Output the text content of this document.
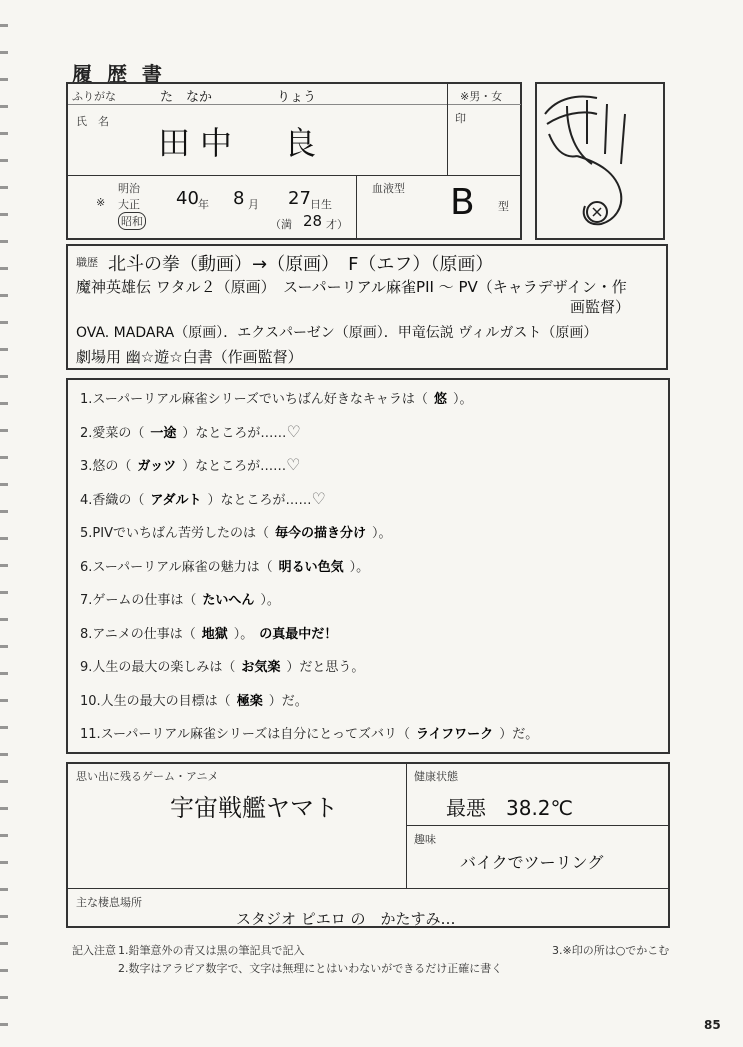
履 歴 書
ふりがな	た　なか　　　　　りょう	※男・女
氏　名
田中　良
印
※
明治
大正
昭和
40 年 8 月 27 日生
（満 28 才）
血液型 B 型
職歴 北斗の拳（動画）→（原画）　F（エフ）（原画）
魔神英雄伝 ワタル２（原画）　スーパーリアル麻雀PII 〜 PV（キャラデザイン・作
画監督）
OVA. MADARA（原画）．エクスパーゼン（原画）．甲竜伝説 ヴィルガスト（原画）
劇場用 幽☆遊☆白書（作画監督）
1.スーパーリアル麻雀シリーズでいちばん好きなキャラは（ 悠 ）。
2.愛菜の（ 一途 ）なところが……♡
3.悠の（ ガッツ ）なところが……♡
4.香織の（ アダルト ）なところが……♡
5.PIVでいちばん苦労したのは（ 毎今の描き分け ）。
6.スーパーリアル麻雀の魅力は（ 明るい色気 ）。
7.ゲームの仕事は（ たいへん ）。
8.アニメの仕事は（ 地獄 ）。 の真最中だ！
9.人生の最大の楽しみは（ お気楽 ）だと思う。
10.人生の最大の目標は（ 極楽 ）だ。
11.スーパーリアル麻雀シリーズは自分にとってズバリ（ ライフワーク ）だ。
思い出に残るゲーム・アニメ
宇宙戦艦ヤマト
健康状態
最悪　38.2℃
趣味
バイクでツーリング
主な棲息場所
スタジオ ピエロ の　かたすみ…
記入注意 1.鉛筆意外の青又は黒の筆記具で記入
2.数字はアラビア数字で、文字は無理にとはいわないができるだけ正確に書く
3.※印の所は○でかこむ
85
